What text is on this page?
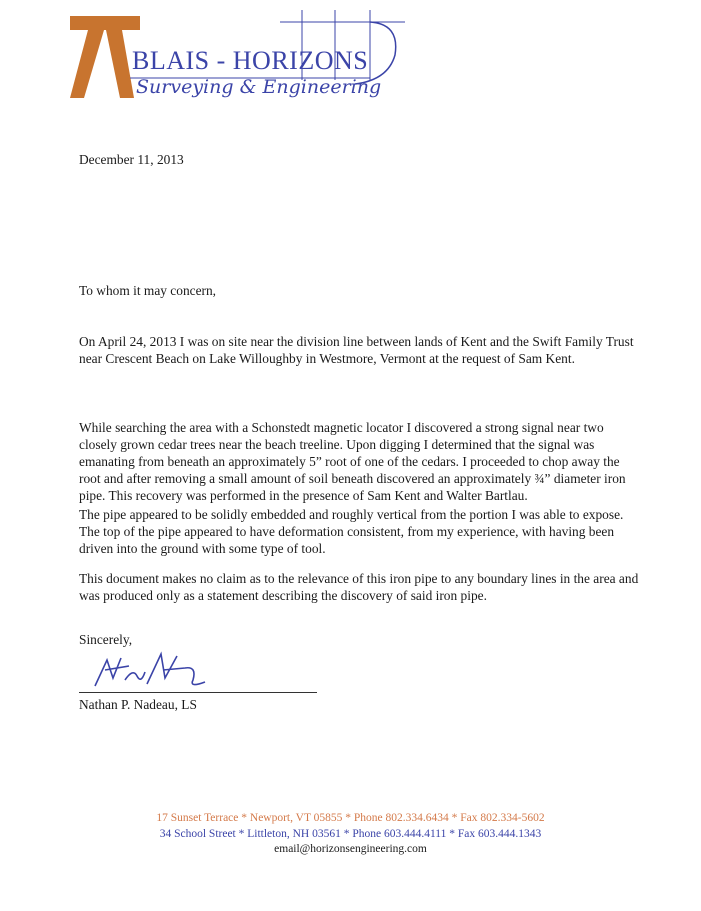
BLAIS - HORIZONS
Surveying & Engineering
December 11, 2013
To whom it may concern,
On April 24, 2013 I was on site near the division line between lands of Kent and the Swift Family Trust near Crescent Beach on Lake Willoughby in Westmore, Vermont at the request of Sam Kent.
While searching the area with a Schonstedt magnetic locator I discovered a strong signal near two closely grown cedar trees near the beach treeline. Upon digging I determined that the signal was emanating from beneath an approximately 5” root of one of the cedars. I proceeded to chop away the root and after removing a small amount of soil beneath discovered an approximately ¾” diameter iron pipe. This recovery was performed in the presence of Sam Kent and Walter Bartlau.
The pipe appeared to be solidly embedded and roughly vertical from the portion I was able to expose. The top of the pipe appeared to have deformation consistent, from my experience, with having been driven into the ground with some type of tool.
This document makes no claim as to the relevance of this iron pipe to any boundary lines in the area and was produced only as a statement describing the discovery of said iron pipe.
Sincerely,
Nathan P. Nadeau, LS
17 Sunset Terrace * Newport, VT 05855 * Phone 802.334.6434 * Fax 802.334-5602
34 School Street * Littleton, NH 03561 * Phone 603.444.4111 * Fax 603.444.1343
email@horizonsengineering.com
